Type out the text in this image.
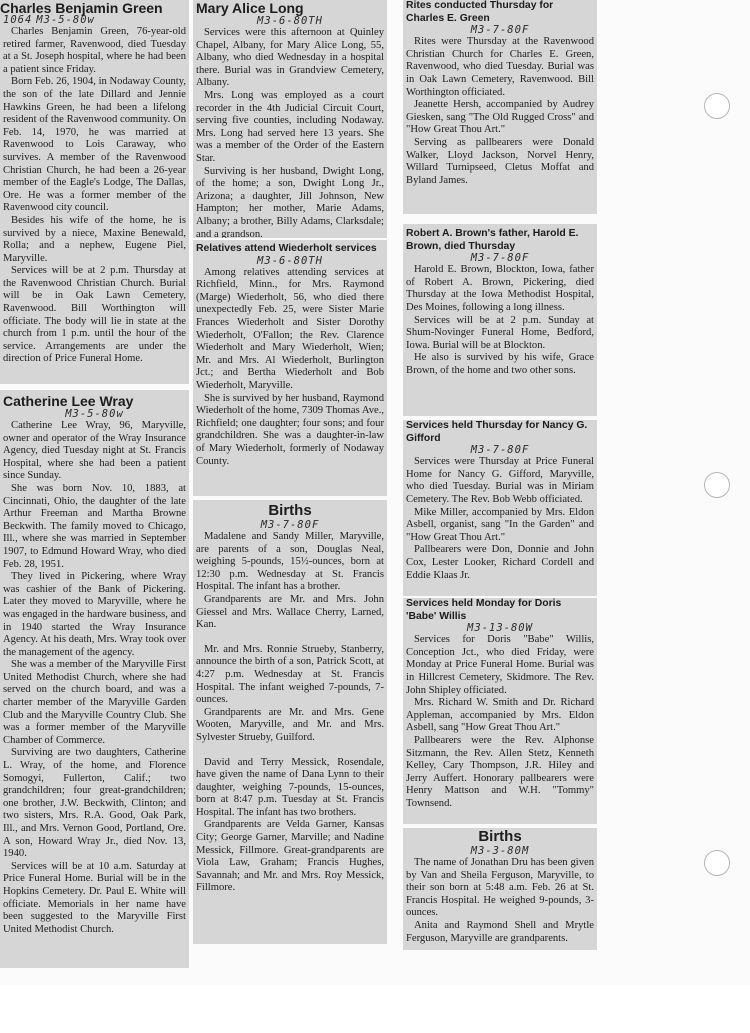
Charles Benjamin Green
1064 M3-5-80w

Charles Benjamin Green, 76-year-old retired farmer, Ravenwood, died Tuesday at a St. Joseph hospital, where he had been a patient since Friday.

Born Feb. 26, 1904, in Nodaway County, the son of the late Dillard and Jennie Hawkins Green, he had been a lifelong resident of the Ravenwood community. On Feb. 14, 1970, he was married at Ravenwood to Lois Caraway, who survives. A member of the Ravenwood Christian Church, he had been a 26-year member of the Eagle's Lodge, The Dallas, Ore. He was a former member of the Ravenwood city council.

Besides his wife of the home, he is survived by a niece, Maxine Benewald, Rolla; and a nephew, Eugene Piel, Maryville.

Services will be at 2 p.m. Thursday at the Ravenwood Christian Church. Burial will be in Oak Lawn Cemetery, Ravenwood. Bill Worthington will officiate. The body will lie in state at the church from 1 p.m. until the hour of the service. Arrangements are under the direction of Price Funeral Home.

Catherine Lee Wray
M3-5-80w

Catherine Lee Wray, 96, Maryville, owner and operator of the Wray Insurance Agency, died Tuesday night at St. Francis Hospital, where she had been a patient since Sunday.

She was born Nov. 10, 1883, at Cincinnati, Ohio, the daughter of the late Arthur Freeman and Martha Browne Beckwith. The family moved to Chicago, Ill., where she was married in September 1907, to Edmund Howard Wray, who died Feb. 28, 1951.

They lived in Pickering, where Wray was cashier of the Bank of Pickering. Later they moved to Maryville, where he was engaged in the hardware business, and in 1940 started the Wray Insurance Agency. At his death, Mrs. Wray took over the management of the agency.

She was a member of the Maryville First United Methodist Church, where she had served on the church board, and was a charter member of the Maryville Garden Club and the Maryville Country Club. She was a former member of the Maryville Chamber of Commerce.

Surviving are two daughters, Catherine L. Wray, of the home, and Florence Somogyi, Fullerton, Calif.; two grandchildren; four great-grandchildren; one brother, J.W. Beckwith, Clinton; and two sisters, Mrs. R.A. Good, Oak Park, Ill., and Mrs. Vernon Good, Portland, Ore. A son, Howard Wray Jr., died Nov. 13, 1940.

Services will be at 10 a.m. Saturday at Price Funeral Home. Burial will be in the Hopkins Cemetery. Dr. Paul E. White will officiate. Memorials in her name have been suggested to the Maryville First United Methodist Church.

Mary Alice Long
M3-6-80TH

Services were this afternoon at Quinley Chapel, Albany, for Mary Alice Long, 55, Albany, who died Wednesday in a hospital there. Burial was in Grandview Cemetery, Albany.

Mrs. Long was employed as a court recorder in the 4th Judicial Circuit Court, serving five counties, including Nodaway. Mrs. Long had served here 13 years. She was a member of the Order of the Eastern Star.

Surviving is her husband, Dwight Long, of the home; a son, Dwight Long Jr., Arizona; a daughter, Jill Johnson, New Hampton; her mother, Marie Adams, Albany; a brother, Billy Adams, Clarksdale; and a grandson.

Relatives attend Wiederholt services
M3-6-80TH

Among relatives attending services at Richfield, Minn., for Mrs. Raymond (Marge) Wiederholt, 56, who died there unexpectedly Feb. 25, were Sister Marie Frances Wiederholt and Sister Dorothy Wiederholt, O'Fallon; the Rev. Clarence Wiederholt and Mary Wiederholt, Wien; Mr. and Mrs. Al Wiederholt, Burlington Jct.; and Bertha Wiederholt and Bob Wiederholt, Maryville.

She is survived by her husband, Raymond Wiederholt of the home, 7309 Thomas Ave., Richfield; one daughter; four sons; and four grandchildren. She was a daughter-in-law of Mary Wiederholt, formerly of Nodaway County.

Births
M3-7-80F

Madalene and Sandy Miller, Maryville, are parents of a son, Douglas Neal, weighing 5-pounds, 15½-ounces, born at 12:30 p.m. Wednesday at St. Francis Hospital. The infant has a brother.

Grandparents are Mr. and Mrs. John Giessel and Mrs. Wallace Cherry, Larned, Kan.

Mr. and Mrs. Ronnie Strueby, Stanberry, announce the birth of a son, Patrick Scott, at 4:27 p.m. Wednesday at St. Francis Hospital. The infant weighed 7-pounds, 7-ounces.

Grandparents are Mr. and Mrs. Gene Wooten, Maryville, and Mr. and Mrs. Sylvester Strueby, Guilford.

David and Terry Messick, Rosendale, have given the name of Dana Lynn to their daughter, weighing 7-pounds, 15-ounces, born at 8:47 p.m. Tuesday at St. Francis Hospital. The infant has two brothers.

Grandparents are Velda Garner, Kansas City; George Garner, Marville; and Nadine Messick, Fillmore. Great-grandparents are Viola Law, Graham; Francis Hughes, Savannah; and Mr. and Mrs. Roy Messick, Fillmore.

Rites conducted Thursday for Charles E. Green
M3-7-80F

Rites were Thursday at the Ravenwood Christian Church for Charles E. Green, Ravenwood, who died Tuesday. Burial was in Oak Lawn Cemetery, Ravenwood. Bill Worthington officiated.

Jeanette Hersh, accompanied by Audrey Giesken, sang "The Old Rugged Cross" and "How Great Thou Art."

Serving as pallbearers were Donald Walker, Lloyd Jackson, Norvel Henry, Willard Turnipseed, Cletus Moffat and Byland James.

Robert A. Brown's father, Harold E. Brown, died Thursday
M3-7-80F

Harold E. Brown, Blockton, Iowa, father of Robert A. Brown, Pickering, died Thursday at the Iowa Methodist Hospital, Des Moines, following a long illness.

Services will be at 2 p.m. Sunday at Shum-Novinger Funeral Home, Bedford, Iowa. Burial will be at Blockton.

He also is survived by his wife, Grace Brown, of the home and two other sons.

Services held Thursday for Nancy G. Gifford
M3-7-80F

Services were Thursday at Price Funeral Home for Nancy G. Gifford, Maryville, who died Tuesday. Burial was in Miriam Cemetery. The Rev. Bob Webb officiated.

Mike Miller, accompanied by Mrs. Eldon Asbell, organist, sang "In the Garden" and "How Great Thou Art."

Pallbearers were Don, Donnie and John Cox, Lester Looker, Richard Cordell and Eddie Klaas Jr.

Services held Monday for Doris 'Babe' Willis
M3-13-80W

Services for Doris "Babe" Willis, Conception Jct., who died Friday, were Monday at Price Funeral Home. Burial was in Hillcrest Cemetery, Skidmore. The Rev. John Shipley officiated.

Mrs. Richard W. Smith and Dr. Richard Appleman, accompanied by Mrs. Eldon Asbell, sang "How Great Thou Art."

Pallbearers were the Rev. Alphonse Sitzmann, the Rev. Allen Stetz, Kenneth Kelley, Cary Thompson, J.R. Hiley and Jerry Auffert. Honorary pallbearers were Henry Mattson and W.H. "Tommy" Townsend.

Births
M3-3-80M

The name of Jonathan Dru has been given by Van and Sheila Ferguson, Maryville, to their son born at 5:48 a.m. Feb. 26 at St. Francis Hospital. He weighed 9-pounds, 3-ounces.

Anita and Raymond Shell and Mrytle Ferguson, Maryville are grandparents.
